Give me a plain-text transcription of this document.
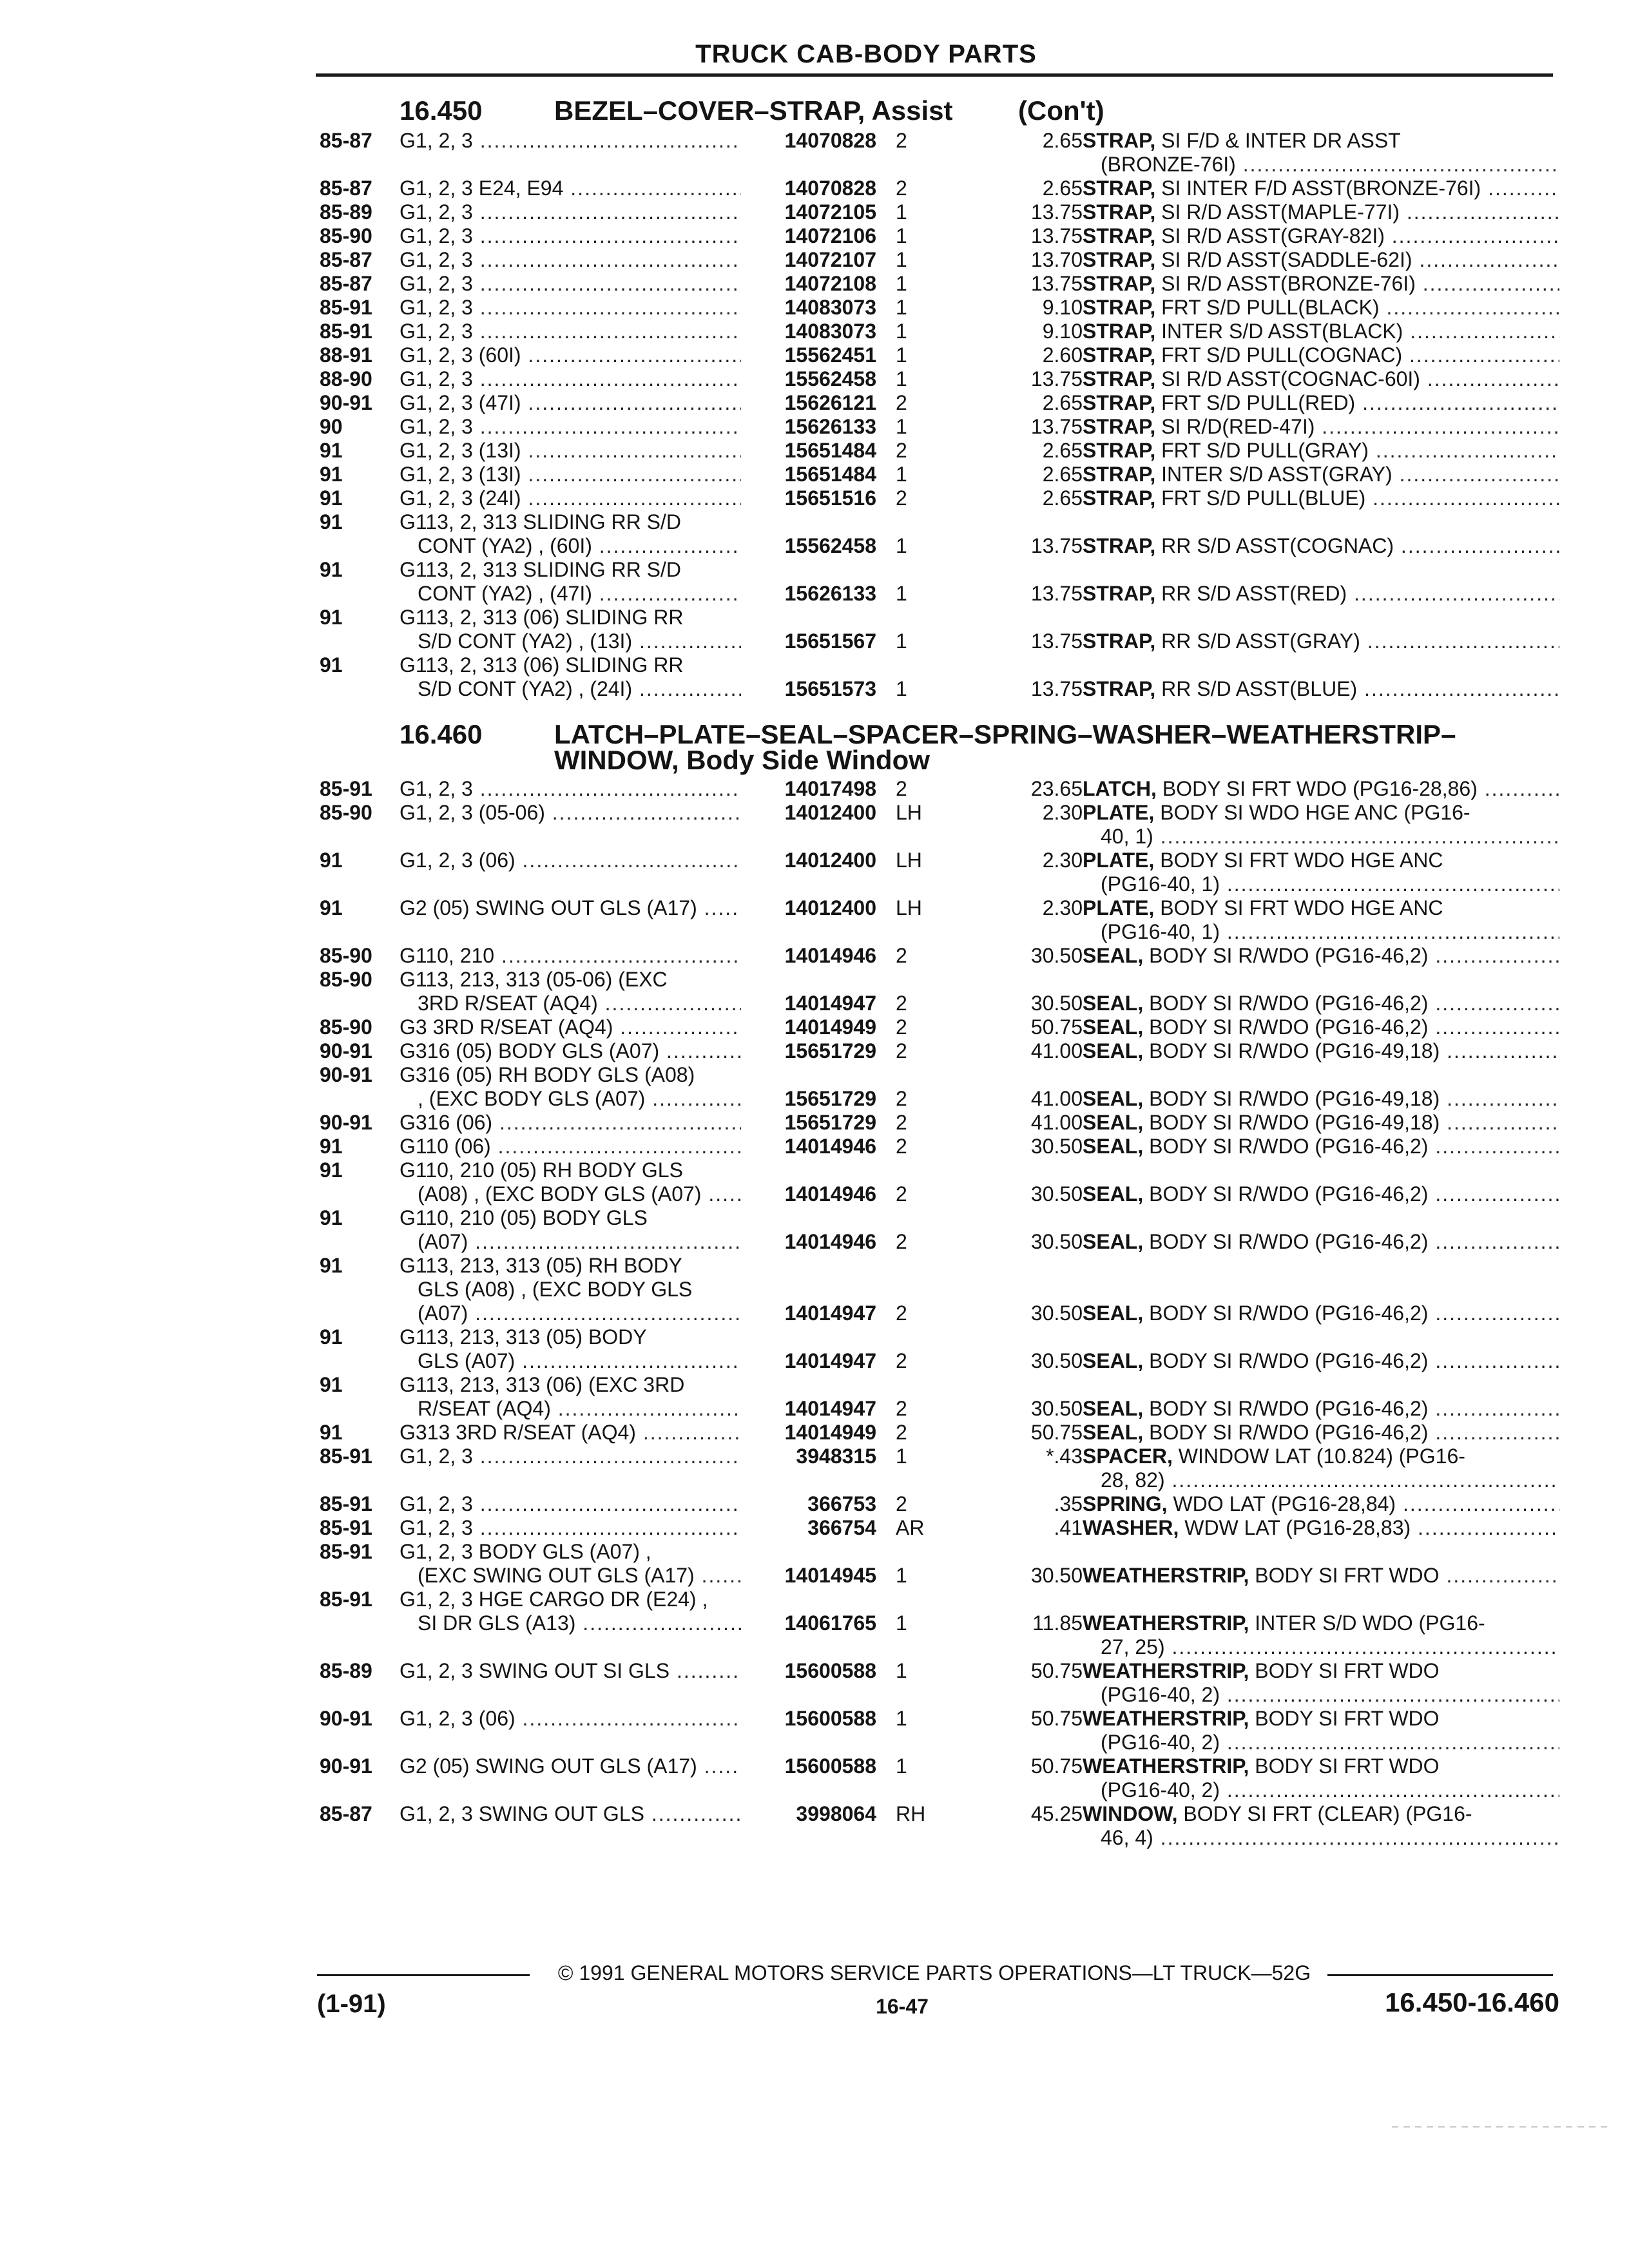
TRUCK CAB-BODY PARTS
16.450	BEZEL–COVER–STRAP, Assist (Con't)
85-87 G1, 2, 3 .....	14070828 2	2.65 STRAP, SI F/D & INTER DR ASST
(BRONZE-76I) .....
85-87 G1, 2, 3 E24, E94 .....	14070828 2	2.65 STRAP, SI INTER F/D ASST(BRONZE-76I) .....
85-89 G1, 2, 3 .....	14072105 1	13.75 STRAP, SI R/D ASST(MAPLE-77I) .....
85-90 G1, 2, 3 .....	14072106 1	13.75 STRAP, SI R/D ASST(GRAY-82I) .....
85-87 G1, 2, 3 .....	14072107 1	13.70 STRAP, SI R/D ASST(SADDLE-62I) .....
85-87 G1, 2, 3 .....	14072108 1	13.75 STRAP, SI R/D ASST(BRONZE-76I) .....
85-91 G1, 2, 3 .....	14083073 1	9.10 STRAP, FRT S/D PULL(BLACK) .....
85-91 G1, 2, 3 .....	14083073 1	9.10 STRAP, INTER S/D ASST(BLACK) .....
88-91 G1, 2, 3 (60I) .....	15562451 1	2.60 STRAP, FRT S/D PULL(COGNAC) .....
88-90 G1, 2, 3 .....	15562458 1	13.75 STRAP, SI R/D ASST(COGNAC-60I) .....
90-91 G1, 2, 3 (47I) .....	15626121 2	2.65 STRAP, FRT S/D PULL(RED) .....
90	G1, 2, 3 .....	15626133 1	13.75 STRAP, SI R/D(RED-47I) .....
91	G1, 2, 3 (13I) .....	15651484 2	2.65 STRAP, FRT S/D PULL(GRAY) .....
91	G1, 2, 3 (13I) .....	15651484 1	2.65 STRAP, INTER S/D ASST(GRAY) .....
91	G1, 2, 3 (24I) .....	15651516 2	2.65 STRAP, FRT S/D PULL(BLUE) .....
91	G113, 2, 313 SLIDING RR S/D
CONT (YA2) , (60I) .....	15562458 1	13.75 STRAP, RR S/D ASST(COGNAC) .....
91	G113, 2, 313 SLIDING RR S/D
CONT (YA2) , (47I) .....	15626133 1	13.75 STRAP, RR S/D ASST(RED) .....
91	G113, 2, 313 (06) SLIDING RR
S/D CONT (YA2) , (13I) .....	15651567 1	13.75 STRAP, RR S/D ASST(GRAY) .....
91	G113, 2, 313 (06) SLIDING RR
S/D CONT (YA2) , (24I) .....	15651573 1	13.75 STRAP, RR S/D ASST(BLUE) .....
16.460	LATCH–PLATE–SEAL–SPACER–SPRING–WASHER–WEATHERSTRIP–
WINDOW, Body Side Window
85-91 G1, 2, 3 .....	14017498 2	23.65 LATCH, BODY SI FRT WDO (PG16-28,86) .....
85-90 G1, 2, 3 (05-06) .....	14012400 LH	2.30 PLATE, BODY SI WDO HGE ANC (PG16-
40, 1) .....
91	G1, 2, 3 (06) .....	14012400 LH	2.30 PLATE, BODY SI FRT WDO HGE ANC
(PG16-40, 1) .....
91	G2 (05) SWING OUT GLS (A17) .....	14012400 LH	2.30 PLATE, BODY SI FRT WDO HGE ANC
(PG16-40, 1) .....
85-90 G110, 210 .....	14014946 2	30.50 SEAL, BODY SI R/WDO (PG16-46,2) .....
85-90 G113, 213, 313 (05-06) (EXC
3RD R/SEAT (AQ4) .....	14014947 2	30.50 SEAL, BODY SI R/WDO (PG16-46,2) .....
85-90 G3 3RD R/SEAT (AQ4) .....	14014949 2	50.75 SEAL, BODY SI R/WDO (PG16-46,2) .....
90-91 G316 (05) BODY GLS (A07) .....	15651729 2	41.00 SEAL, BODY SI R/WDO (PG16-49,18) .....
90-91 G316 (05) RH BODY GLS (A08)
, (EXC BODY GLS (A07) .....	15651729 2	41.00 SEAL, BODY SI R/WDO (PG16-49,18) .....
90-91 G316 (06) .....	15651729 2	41.00 SEAL, BODY SI R/WDO (PG16-49,18) .....
91	G110 (06) .....	14014946 2	30.50 SEAL, BODY SI R/WDO (PG16-46,2) .....
91	G110, 210 (05) RH BODY GLS
(A08) , (EXC BODY GLS (A07) .....	14014946 2	30.50 SEAL, BODY SI R/WDO (PG16-46,2) .....
91	G110, 210 (05) BODY GLS
(A07) .....	14014946 2	30.50 SEAL, BODY SI R/WDO (PG16-46,2) .....
91	G113, 213, 313 (05) RH BODY
GLS (A08) , (EXC BODY GLS
(A07) .....	14014947 2	30.50 SEAL, BODY SI R/WDO (PG16-46,2) .....
91	G113, 213, 313 (05) BODY
GLS (A07) .....	14014947 2	30.50 SEAL, BODY SI R/WDO (PG16-46,2) .....
91	G113, 213, 313 (06) (EXC 3RD
R/SEAT (AQ4) .....	14014947 2	30.50 SEAL, BODY SI R/WDO (PG16-46,2) .....
91	G313 3RD R/SEAT (AQ4) .....	14014949 2	50.75 SEAL, BODY SI R/WDO (PG16-46,2) .....
85-91 G1, 2, 3 .....	3948315 1	*.43 SPACER, WINDOW LAT (10.824) (PG16-
28, 82) .....
85-91 G1, 2, 3 .....	366753 2	.35 SPRING, WDO LAT (PG16-28,84) .....
85-91 G1, 2, 3 .....	366754 AR	.41 WASHER, WDW LAT (PG16-28,83) .....
85-91 G1, 2, 3 BODY GLS (A07) ,
(EXC SWING OUT GLS (A17) .....	14014945 1	30.50 WEATHERSTRIP, BODY SI FRT WDO .....
85-91 G1, 2, 3 HGE CARGO DR (E24) ,
SI DR GLS (A13) .....	14061765 1	11.85 WEATHERSTRIP, INTER S/D WDO (PG16-
27, 25) .....
85-89 G1, 2, 3 SWING OUT SI GLS .....	15600588 1	50.75 WEATHERSTRIP, BODY SI FRT WDO
(PG16-40, 2) .....
90-91 G1, 2, 3 (06) .....	15600588 1	50.75 WEATHERSTRIP, BODY SI FRT WDO
(PG16-40, 2) .....
90-91 G2 (05) SWING OUT GLS (A17) .....	15600588 1	50.75 WEATHERSTRIP, BODY SI FRT WDO
(PG16-40, 2) .....
85-87 G1, 2, 3 SWING OUT GLS .....	3998064 RH	45.25 WINDOW, BODY SI FRT (CLEAR) (PG16-
46, 4) .....
© 1991 GENERAL MOTORS SERVICE PARTS OPERATIONS—LT TRUCK—52G
(1-91)	16-47	16.450-16.460
